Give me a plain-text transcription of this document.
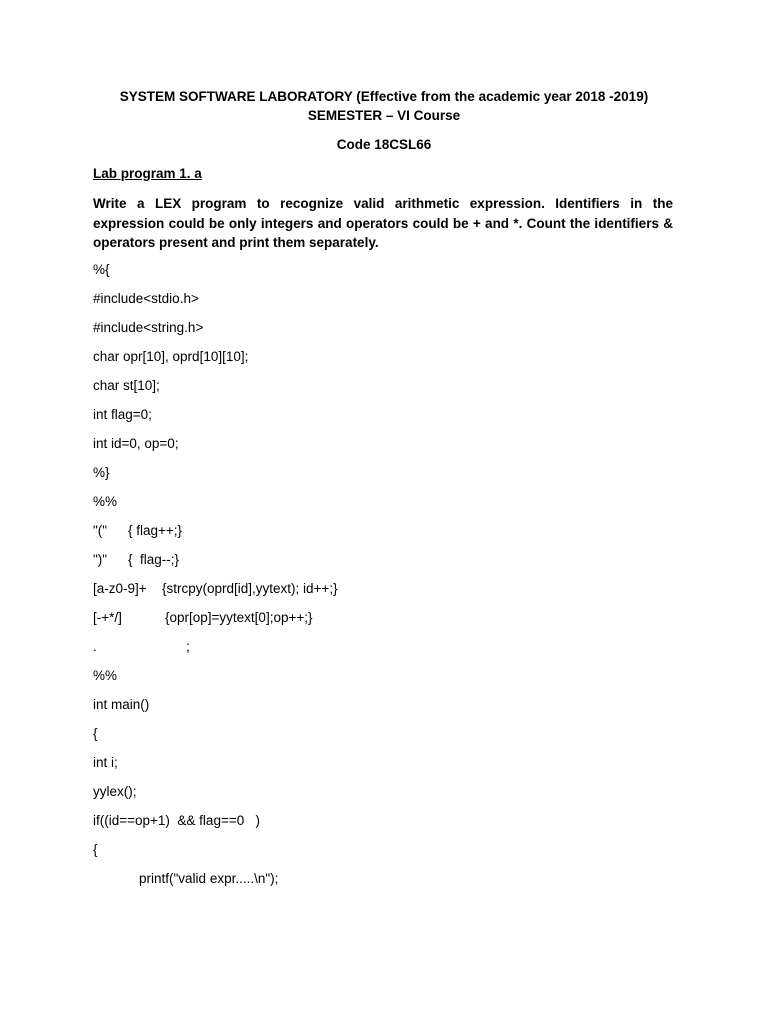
SYSTEM SOFTWARE LABORATORY (Effective from the academic year 2018 -2019)
SEMESTER – VI Course
Code 18CSL66
Lab program 1. a
Write a LEX program to recognize valid arithmetic expression. Identifiers in the expression could be only integers and operators could be + and *. Count the identifiers & operators present and print them separately.
%{
#include<stdio.h>
#include<string.h>
char opr[10], oprd[10][10];
char st[10];
int flag=0;
int id=0, op=0;
%}
%%
"(" { flag++;}
")" {  flag--;}
[a-z0-9]+ {strcpy(oprd[id],yytext); id++;}
[-+*/]	{opr[op]=yytext[0];op++;}
.	;
%%
int main()
{
int i;
yylex();
if((id==op+1)  && flag==0   )
{
printf("valid expr.....\n");
